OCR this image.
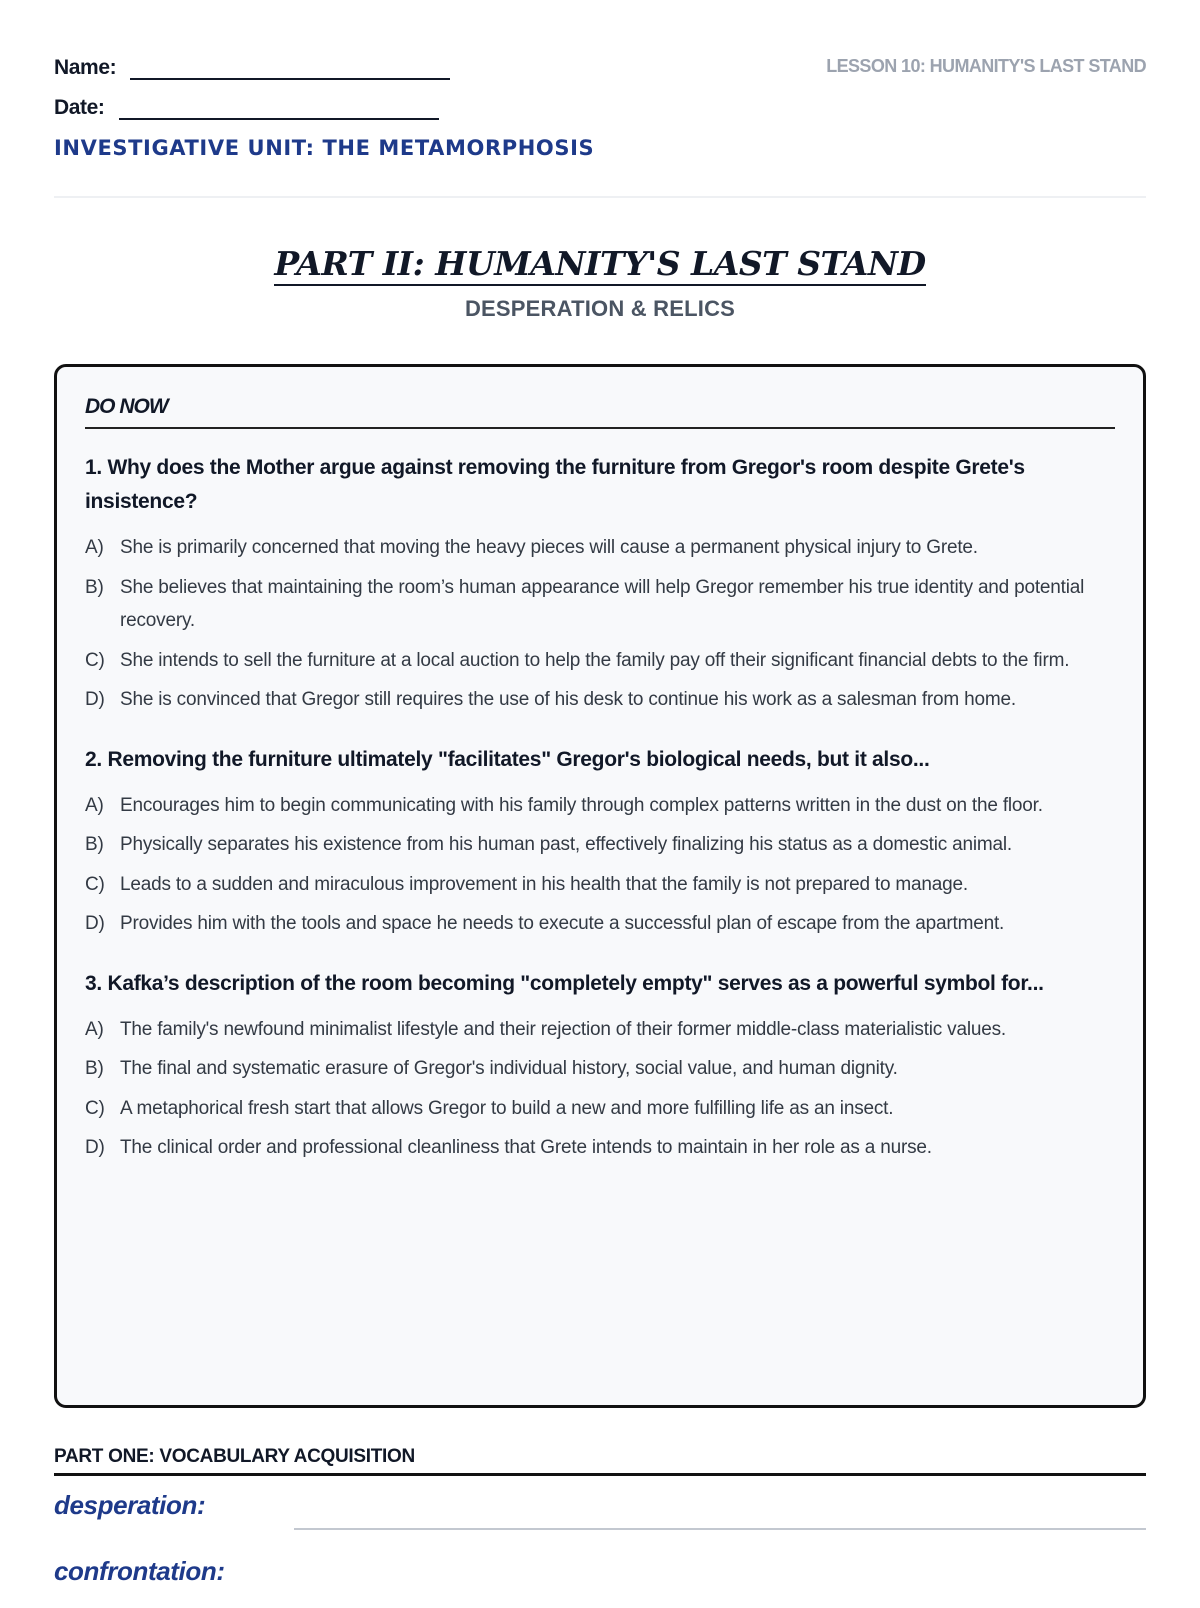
Name:
Date:
INVESTIGATIVE UNIT: THE METAMORPHOSIS
LESSON 10: HUMANITY'S LAST STAND
PART II: HUMANITY'S LAST STAND
DESPERATION & RELICS
DO NOW
1. Why does the Mother argue against removing the furniture from Gregor's room despite Grete's insistence?
A) She is primarily concerned that moving the heavy pieces will cause a permanent physical injury to Grete.
B) She believes that maintaining the room’s human appearance will help Gregor remember his true identity and potential recovery.
C) She intends to sell the furniture at a local auction to help the family pay off their significant financial debts to the firm.
D) She is convinced that Gregor still requires the use of his desk to continue his work as a salesman from home.
2. Removing the furniture ultimately "facilitates" Gregor's biological needs, but it also...
A) Encourages him to begin communicating with his family through complex patterns written in the dust on the floor.
B) Physically separates his existence from his human past, effectively finalizing his status as a domestic animal.
C) Leads to a sudden and miraculous improvement in his health that the family is not prepared to manage.
D) Provides him with the tools and space he needs to execute a successful plan of escape from the apartment.
3. Kafka’s description of the room becoming "completely empty" serves as a powerful symbol for...
A) The family's newfound minimalist lifestyle and their rejection of their former middle-class materialistic values.
B) The final and systematic erasure of Gregor's individual history, social value, and human dignity.
C) A metaphorical fresh start that allows Gregor to build a new and more fulfilling life as an insect.
D) The clinical order and professional cleanliness that Grete intends to maintain in her role as a nurse.
PART ONE: VOCABULARY ACQUISITION
desperation:
confrontation:
